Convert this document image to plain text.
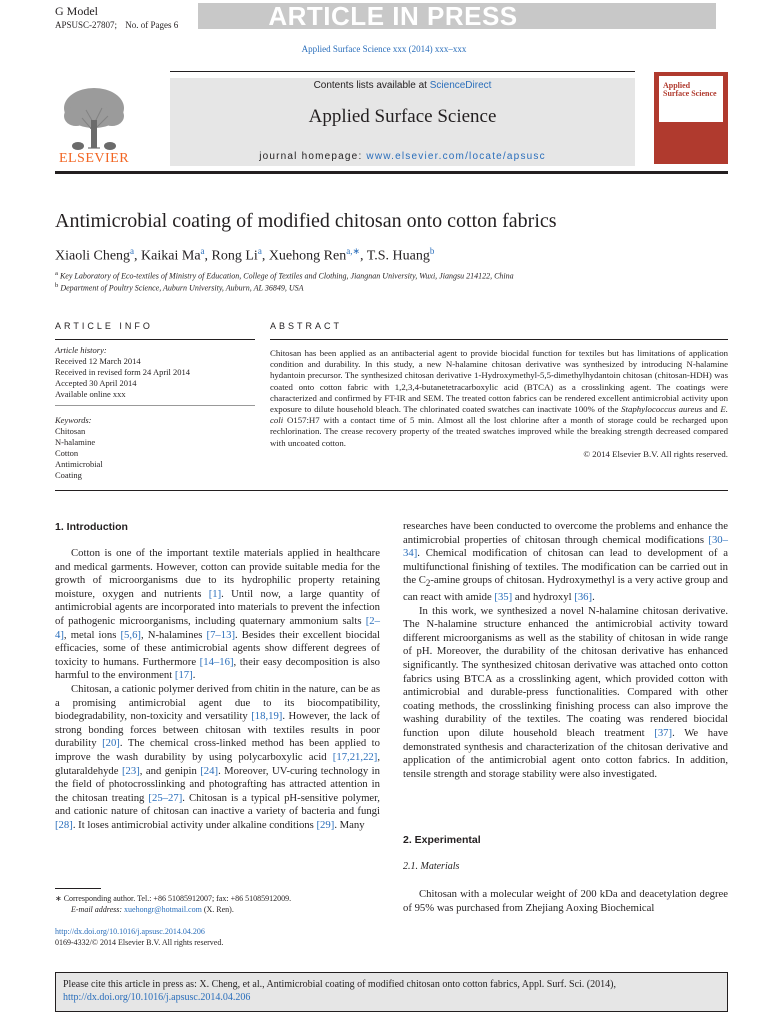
G Model
APSUSC-27807; No. of Pages 6	ARTICLE IN PRESS
Applied Surface Science xxx (2014) xxx–xxx
Contents lists available at ScienceDirect
Applied Surface Science
journal homepage: www.elsevier.com/locate/apsusc
ELSEVIER
Applied
Surface Science
Antimicrobial coating of modified chitosan onto cotton fabrics
Xiaoli Cheng$^a$, Kaikai Ma$^a$, Rong Li$^a$, Xuehong Ren$^{a,∗}$, T.S. Huang$^b$
$^a$ Key Laboratory of Eco-textiles of Ministry of Education, College of Textiles and Clothing, Jiangnan University, Wuxi, Jiangsu 214122, China
$^b$ Department of Poultry Science, Auburn University, Auburn, AL 36849, USA
ARTICLE INFO
Article history:
Received 12 March 2014
Received in revised form 24 April 2014
Accepted 30 April 2014
Available online xxx
Keywords:
Chitosan
N-halamine
Cotton
Antimicrobial
Coating
ABSTRACT
Chitosan has been applied as an antibacterial agent to provide biocidal function for textiles but has limitations of application condition and durability. In this study, a new N-halamine chitosan derivative was synthesized by introducing N-halamine hydantoin precursor. The synthesized chitosan derivative 1-Hydroxymethyl-5,5-dimethylhydantoin chitosan (chitosan-HDH) was coated onto cotton fabric with 1,2,3,4-butanetetracarboxylic acid (BTCA) as a crosslinking agent. The coatings were characterized and confirmed by FT-IR and SEM. The treated cotton fabrics can be rendered excellent antimicrobial activity upon exposure to dilute household bleach. The chlorinated coated swatches can inactivate 100% of the Staphylococcus aureus and E. coli O157:H7 with a contact time of 5 min. Almost all the lost chlorine after a month of storage could be recharged upon rechlorination. The crease recovery property of the treated swatches improved while the breaking strength decreased compared with uncoated cotton.
© 2014 Elsevier B.V. All rights reserved.
1. Introduction

Cotton is one of the important textile materials applied in healthcare and medical garments. However, cotton can provide suitable media for the growth of microorganisms due to its hydrophilic property retaining moisture, oxygen and nutrients [1]. Until now, a large quantity of antimicrobial agents are incorporated into materials to prevent the infection of pathogenic microorganisms, including quaternary ammonium salts [2–4], metal ions [5,6], N-halamines [7–13]. Besides their excellent biocidal efficacies, some of these antimicrobial agents show different degrees of toxicity to humans. Furthermore [14–16], their easy decomposition is also harmful to the environment [17].

Chitosan, a cationic polymer derived from chitin in the nature, can be as a promising antimicrobial agent due to its biocompatibility, biodegradability, non-toxicity and versatility [18,19]. However, the lack of strong bonding forces between chitosan with textiles results in poor durability [20]. The chemical cross-linked method has been applied to improve the wash durability by using polycarboxylic acid [17,21,22], glutaraldehyde [23], and genipin [24]. Moreover, UV-curing technology in the field of photocrosslinking and photografting has attracted attention in the chitosan treating [25–27]. Chitosan is a typical pH-sensitive polymer, and cationic nature of chitosan can inactive a variety of bacteria and fungi [28]. It loses antimicrobial activity under alkaline conditions [29]. Many

researches have been conducted to overcome the problems and enhance the antimicrobial properties of chitosan through chemical modifications [30–34]. Chemical modification of chitosan can lead to development of a multifunctional finishing of textiles. The modification can be carried out in the $C_2$-amine groups of chitosan. Hydroxymethyl is a very active group and can react with amide [35] and hydroxyl [36].

In this work, we synthesized a novel N-halamine chitosan derivative. The N-halamine structure enhanced the antimicrobial activity toward different microorganisms as well as the stability of chitosan in wide range of pH. Moreover, the durability of the chitosan derivative has enhanced significantly. The synthesized chitosan derivative was attached onto cotton fabrics using BTCA as a crosslinking agent, which provided cotton with antimicrobial and durable-press functionalities. Compared with other coating methods, the crosslinking finishing process can also improve the washing durability of the textiles. The coating was rendered biocidal function upon dilute household bleach treatment [37]. We have demonstrated synthesis and characterization of the chitosan derivative and application of the antimicrobial agent onto cotton fabrics. In addition, tensile strength and storage stability were also investigated.

2. Experimental
2.1. Materials

Chitosan with a molecular weight of 200 kDa and deacetylation degree of 95% was purchased from Zhejiang Aoxing Biochemical

∗ Corresponding author. Tel.: +86 51085912007; fax: +86 51085912009.
E-mail address: xuehongr@hotmail.com (X. Ren).
http://dx.doi.org/10.1016/j.apsusc.2014.04.206
0169-4332/© 2014 Elsevier B.V. All rights reserved.
Please cite this article in press as: X. Cheng, et al., Antimicrobial coating of modified chitosan onto cotton fabrics, Appl. Surf. Sci. (2014),
http://dx.doi.org/10.1016/j.apsusc.2014.04.206
